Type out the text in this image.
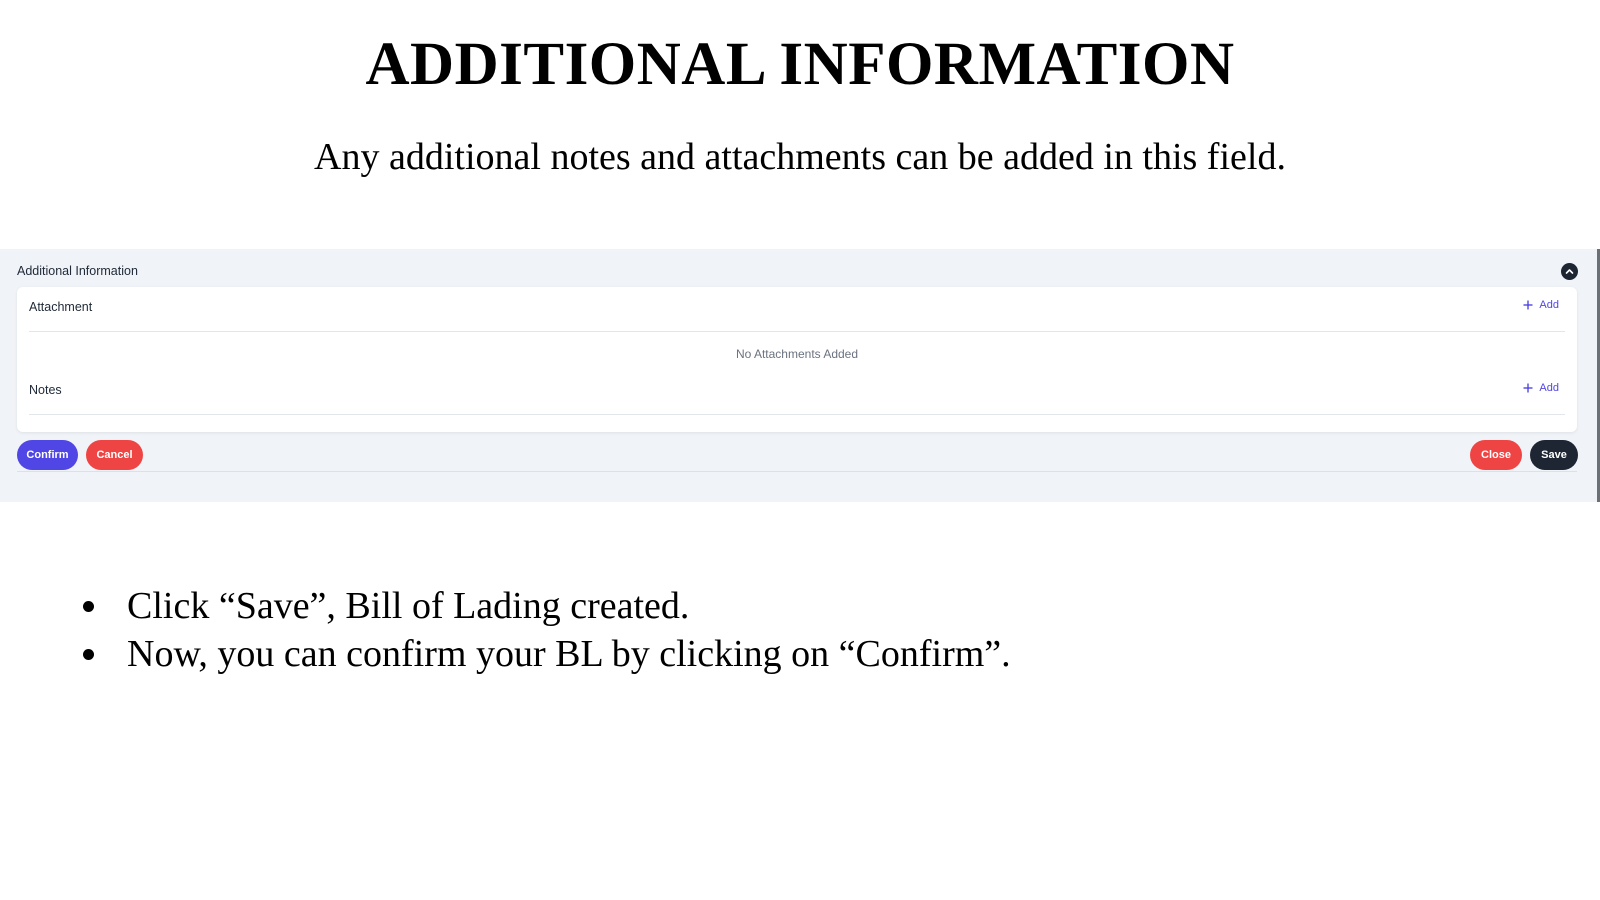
ADDITIONAL INFORMATION

Any additional notes and attachments can be added in this field.

Additional Information
Attachment	Add
No Attachments Added
Notes	Add
Confirm	Cancel	Close	Save
Click “Save”, Bill of Lading created.
Now, you can confirm your BL by clicking on “Confirm”.
